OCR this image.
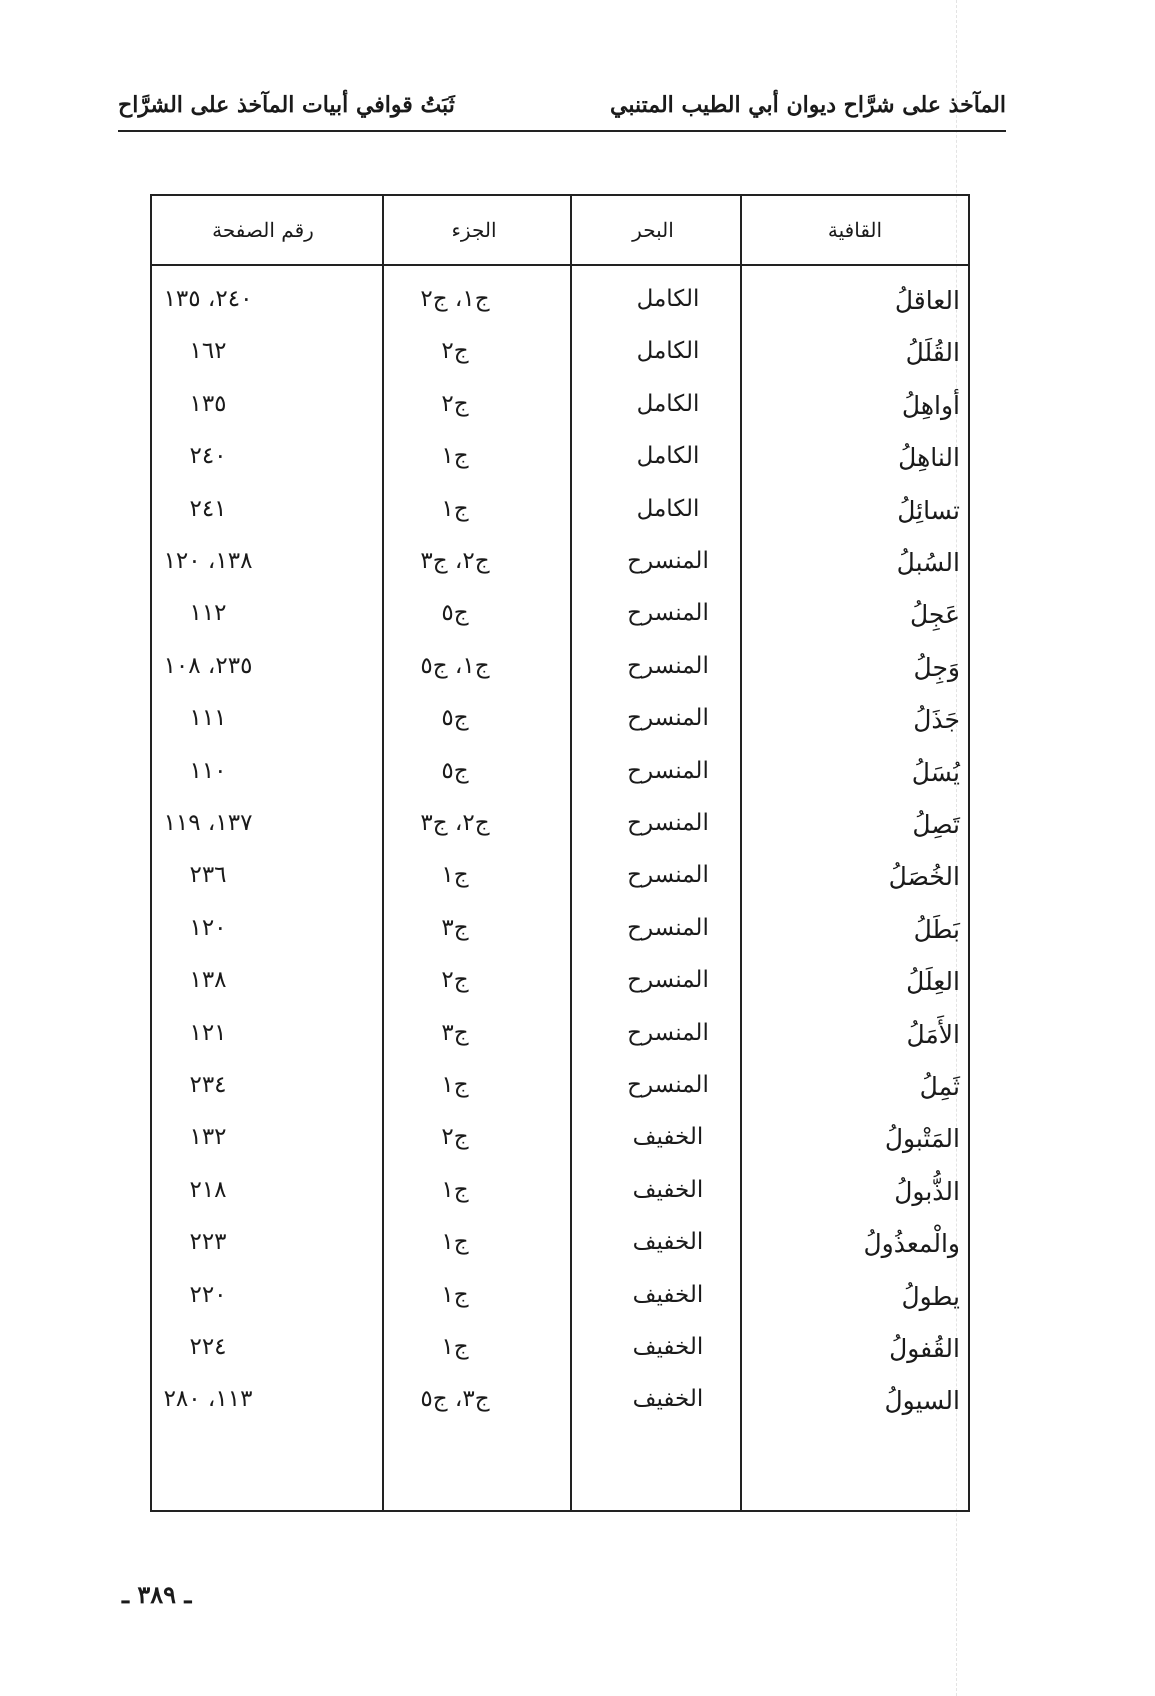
المآخذ على شرَّاح ديوان أبي الطيب المتنبي
ثَبَتُ قوافي أبيات المآخذ على الشرَّاح
القافية
البحر
الجزء
رقم الصفحة
العاقلُ
الكامل
ج١، ج٢
٢٤٠، ١٣٥
القُلَلُ
الكامل
ج٢
١٦٢
أواهِلُ
الكامل
ج٢
١٣٥
الناهِلُ
الكامل
ج١
٢٤٠
تسائِلُ
الكامل
ج١
٢٤١
السُبلُ
المنسرح
ج٢، ج٣
١٣٨، ١٢٠
عَجِلُ
المنسرح
ج٥
١١٢
وَجِلُ
المنسرح
ج١، ج٥
٢٣٥، ١٠٨
جَذَلُ
المنسرح
ج٥
١١١
يُسَلُ
المنسرح
ج٥
١١٠
تَصِلُ
المنسرح
ج٢، ج٣
١٣٧، ١١٩
الخُصَلُ
المنسرح
ج١
٢٣٦
بَطَلُ
المنسرح
ج٣
١٢٠
العِلَلُ
المنسرح
ج٢
١٣٨
الأَمَلُ
المنسرح
ج٣
١٢١
ثَمِلُ
المنسرح
ج١
٢٣٤
المَتْبولُ
الخفيف
ج٢
١٣٢
الذُّبولُ
الخفيف
ج١
٢١٨
والْمعذُولُ
الخفيف
ج١
٢٢٣
يطولُ
الخفيف
ج١
٢٢٠
القُفولُ
الخفيف
ج١
٢٢٤
السيولُ
الخفيف
ج٣، ج٥
١١٣، ٢٨٠
ـ ٣٨٩ ـ
